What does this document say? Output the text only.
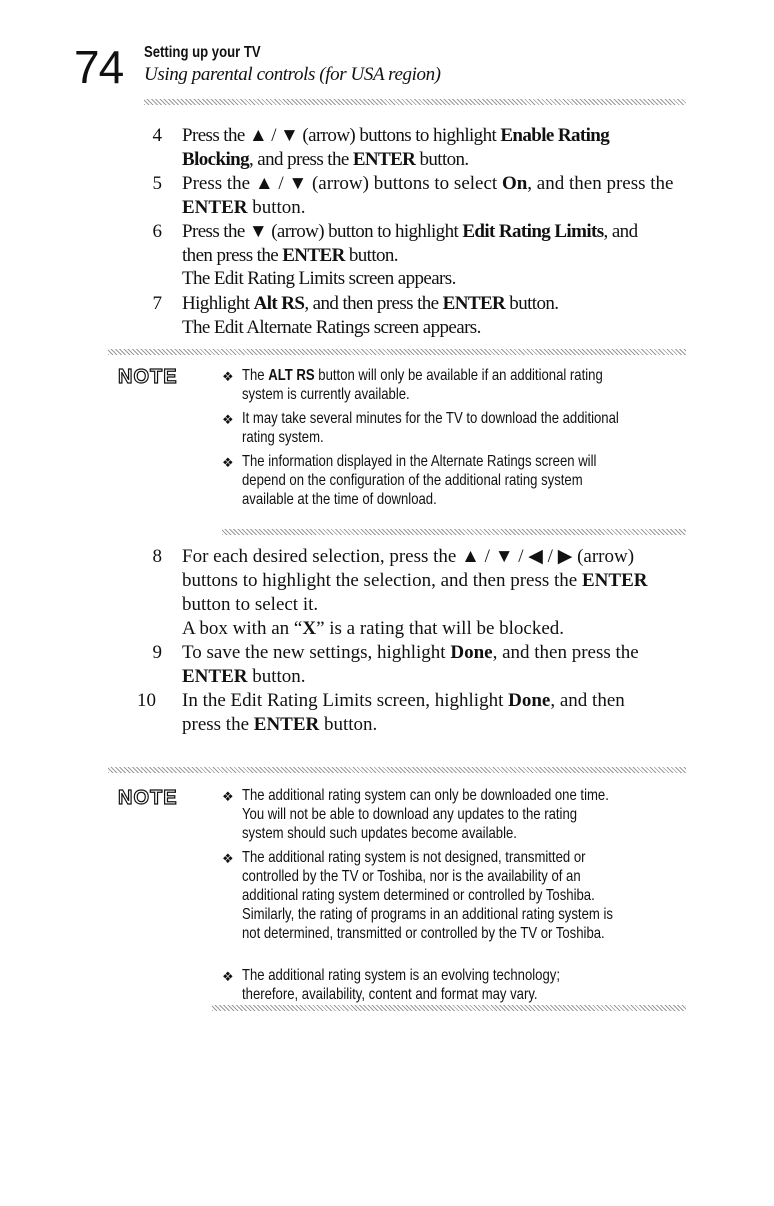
74 Setting up your TV
Using parental controls (for USA region)
4 Press the ▲ / ▼ (arrow) buttons to highlight Enable Rating
Blocking, and press the ENTER button.
5 Press the ▲ / ▼ (arrow) buttons to select On, and then press the
ENTER button.
6 Press the ▼ (arrow) button to highlight Edit Rating Limits, and
then press the ENTER button.
The Edit Rating Limits screen appears.
7 Highlight Alt RS, and then press the ENTER button.
The Edit Alternate Ratings screen appears.
NOTE	❖ The ALT RS button will only be available if an additional rating
system is currently available.
❖ It may take several minutes for the TV to download the additional
rating system.
❖ The information displayed in the Alternate Ratings screen will
depend on the configuration of the additional rating system
available at the time of download.
8 For each desired selection, press the ▲ / ▼ / ◀ / ▶ (arrow)
buttons to highlight the selection, and then press the ENTER
button to select it.
A box with an “X” is a rating that will be blocked.
9 To save the new settings, highlight Done, and then press the
ENTER button.
10 In the Edit Rating Limits screen, highlight Done, and then
press the ENTER button.
NOTE	❖ The additional rating system can only be downloaded one time.
You will not be able to download any updates to the rating
system should such updates become available.
❖ The additional rating system is not designed, transmitted or
controlled by the TV or Toshiba, nor is the availability of an
additional rating system determined or controlled by Toshiba.
Similarly, the rating of programs in an additional rating system is
not determined, transmitted or controlled by the TV or Toshiba.
❖ The additional rating system is an evolving technology;
therefore, availability, content and format may vary.
